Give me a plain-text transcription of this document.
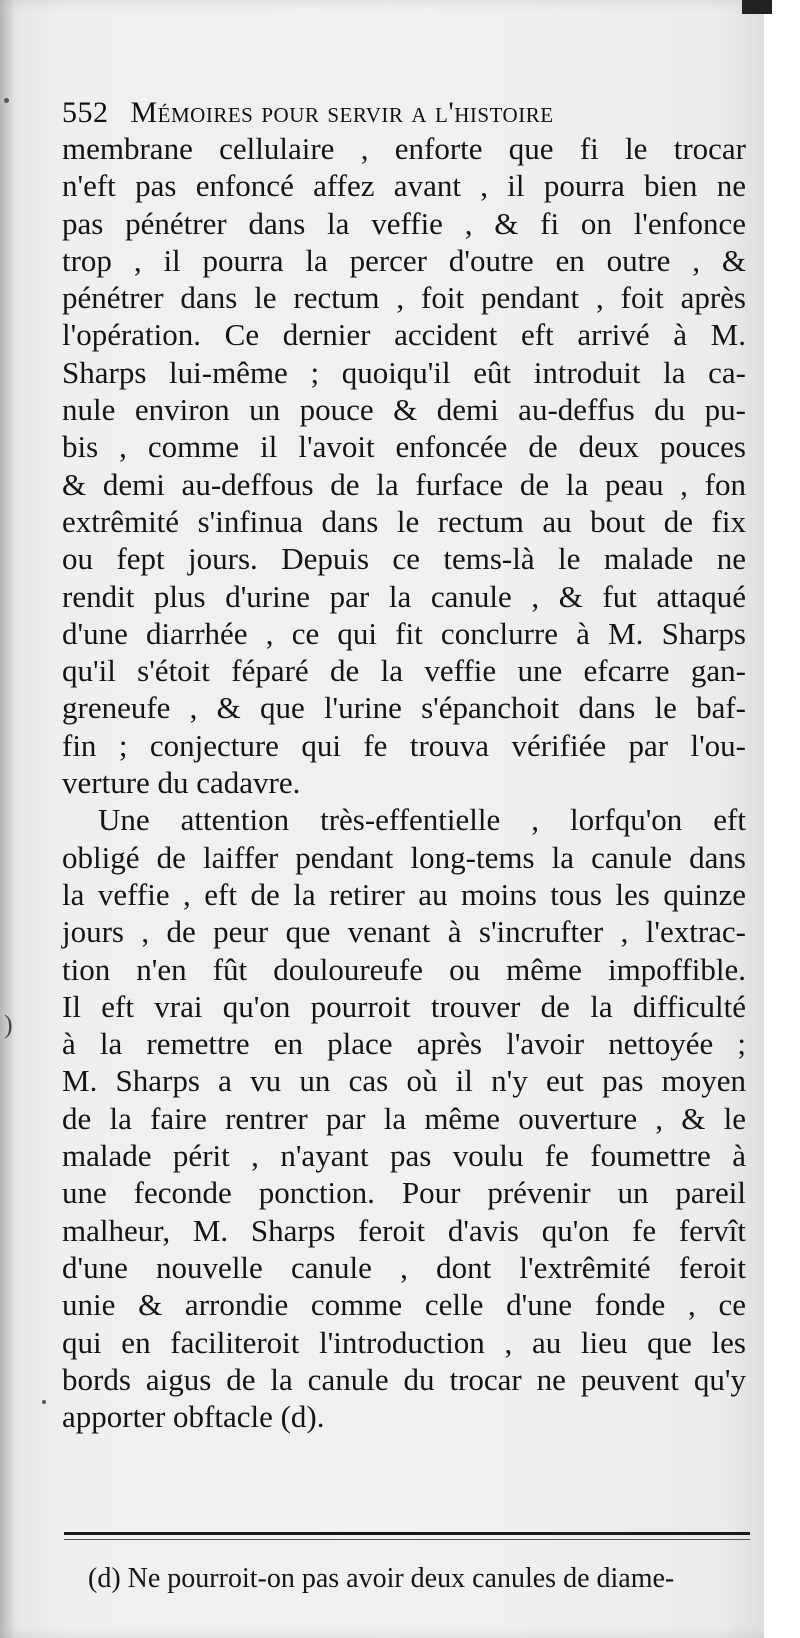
552 Mémoires pour servir a l'histoire
membrane cellulaire , enforte que fi le trocar
n'eft pas enfoncé affez avant , il pourra bien ne
pas pénétrer dans la veffie , & fi on l'enfonce
trop , il pourra la percer d'outre en outre , &
pénétrer dans le rectum , foit pendant , foit après
l'opération. Ce dernier accident eft arrivé à M.
Sharps lui-même ; quoiqu'il eût introduit la ca-
nule environ un pouce & demi au-deffus du pu-
bis , comme il l'avoit enfoncée de deux pouces
& demi au-deffous de la furface de la peau , fon
extrêmité s'infinua dans le rectum au bout de fix
ou fept jours. Depuis ce tems-là le malade ne
rendit plus d'urine par la canule , & fut attaqué
d'une diarrhée , ce qui fit conclurre à M. Sharps
qu'il s'étoit féparé de la veffie une efcarre gan-
greneufe , & que l'urine s'épanchoit dans le baf-
fin ; conjecture qui fe trouva vérifiée par l'ou-
verture du cadavre.
Une attention très-effentielle , lorfqu'on eft
obligé de laiffer pendant long-tems la canule dans
la veffie , eft de la retirer au moins tous les quinze
jours , de peur que venant à s'incrufter , l'extrac-
tion n'en fût douloureufe ou même impoffible.
Il eft vrai qu'on pourroit trouver de la difficulté
à la remettre en place après l'avoir nettoyée ;
M. Sharps a vu un cas où il n'y eut pas moyen
de la faire rentrer par la même ouverture , & le
malade périt , n'ayant pas voulu fe foumettre à
une feconde ponction. Pour prévenir un pareil
malheur, M. Sharps feroit d'avis qu'on fe fervît
d'une nouvelle canule , dont l'extrêmité feroit
unie & arrondie comme celle d'une fonde , ce
qui en faciliteroit l'introduction , au lieu que les
bords aigus de la canule du trocar ne peuvent qu'y
apporter obftacle (d).
)
(d) Ne pourroit-on pas avoir deux canules de diame-
